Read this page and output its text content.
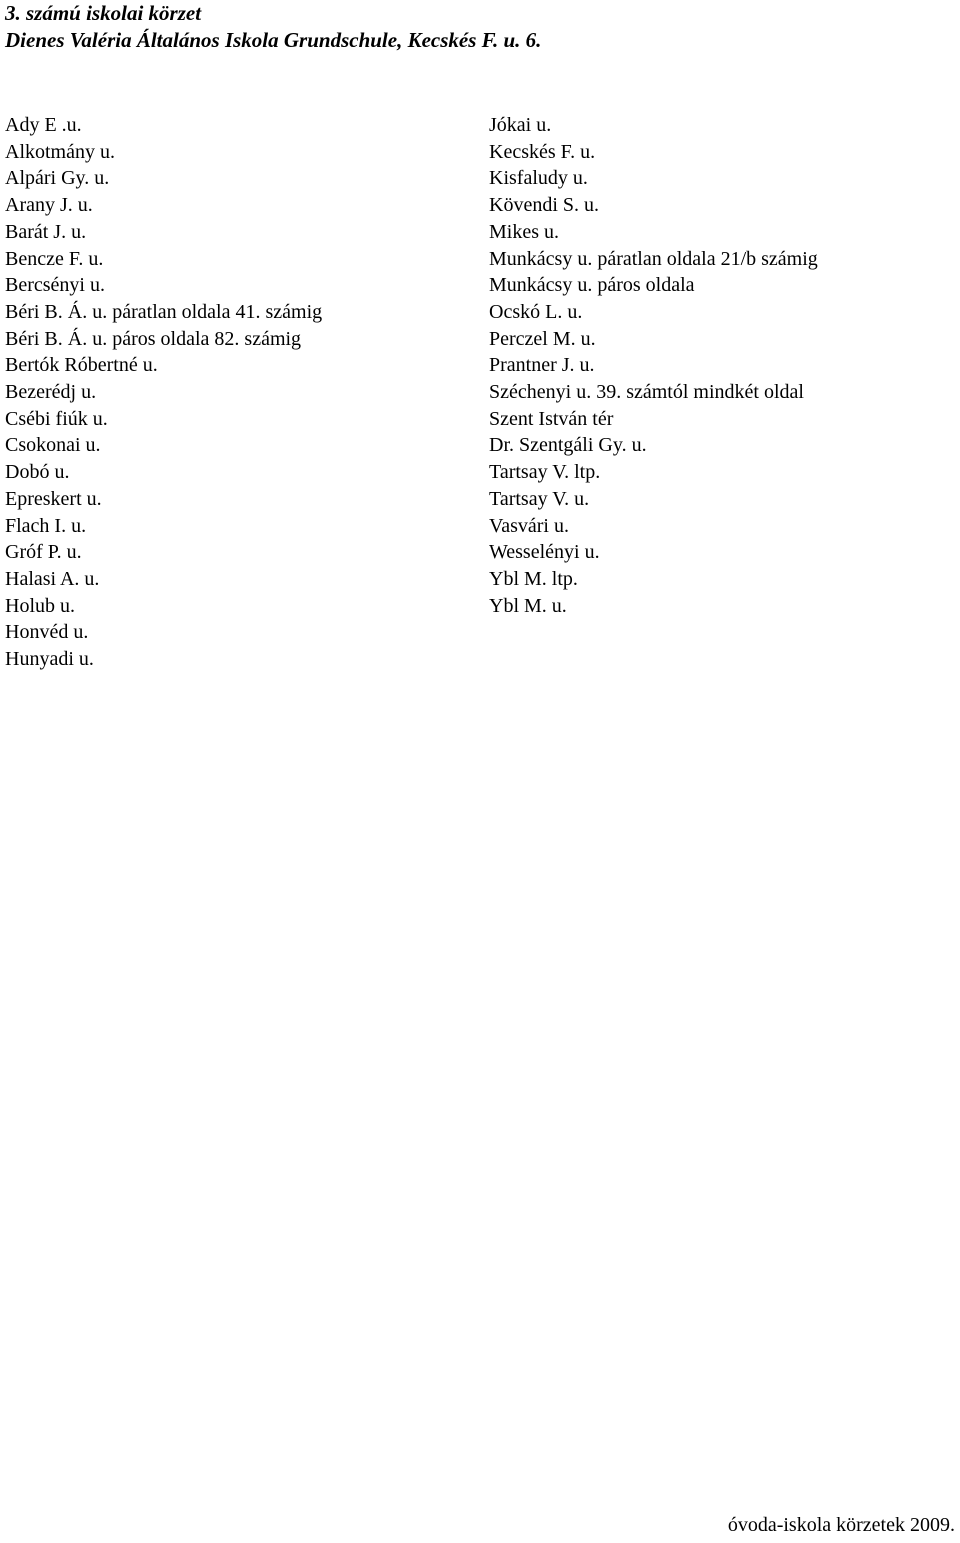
3. számú iskolai körzet
Dienes Valéria Általános Iskola Grundschule, Kecskés F. u. 6.
Ady E .u.
Alkotmány u.
Alpári Gy. u.
Arany J. u.
Barát J. u.
Bencze F. u.
Bercsényi u.
Béri B. Á. u. páratlan oldala 41. számig
Béri B. Á. u. páros oldala 82. számig
Bertók Róbertné u.
Bezerédj u.
Csébi fiúk u.
Csokonai u.
Dobó u.
Epreskert u.
Flach I. u.
Gróf P. u.
Halasi A. u.
Holub u.
Honvéd u.
Hunyadi u.
Jókai u.
Kecskés F. u.
Kisfaludy u.
Kövendi S. u.
Mikes u.
Munkácsy u. páratlan oldala 21/b számig
Munkácsy u. páros oldala
Ocskó L. u.
Perczel M. u.
Prantner J. u.
Széchenyi u. 39. számtól mindkét oldal
Szent István tér
Dr. Szentgáli Gy. u.
Tartsay V. ltp.
Tartsay V. u.
Vasvári u.
Wesselényi u.
Ybl M. ltp.
Ybl M. u.
óvoda-iskola körzetek 2009.
